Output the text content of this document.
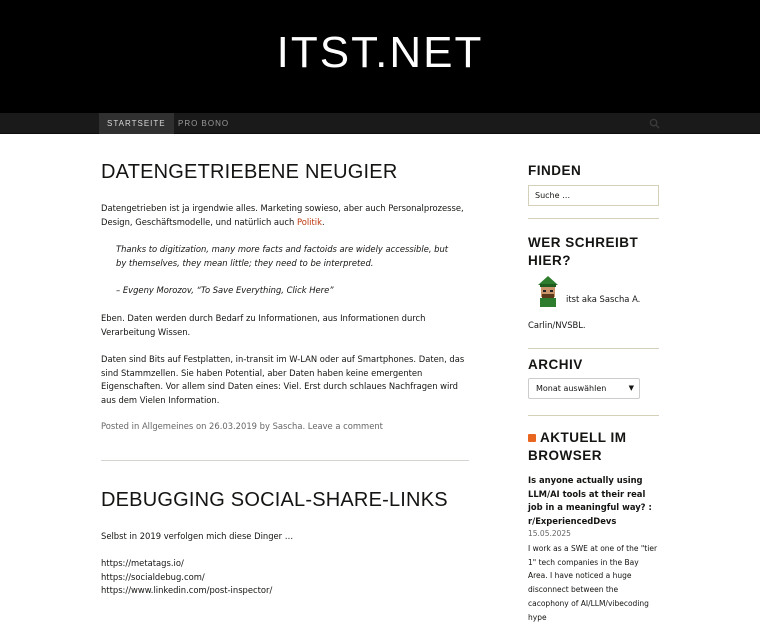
ITST.NET
STARTSEITE	PRO BONO
DATENGETRIEBENE NEUGIER

Datengetrieben ist ja irgendwie alles. Marketing sowieso, aber auch Personalprozesse, Design, Geschäftsmodelle, und natürlich auch Politik.

Thanks to digitization, many more facts and factoids are widely accessible, but by themselves, they mean little; they need to be interpreted.

– Evgeny Morozov, “To Save Everything, Click Here”

Eben. Daten werden durch Bedarf zu Informationen, aus Informationen durch Verarbeitung Wissen.

Daten sind Bits auf Festplatten, in-transit im W-LAN oder auf Smartphones. Daten, das sind Stammzellen. Sie haben Potential, aber Daten haben keine emergenten Eigenschaften. Vor allem sind Daten eines: Viel. Erst durch schlaues Nachfragen wird aus dem Vielen Information.

Posted in Allgemeines on 26.03.2019 by Sascha. Leave a comment
DEBUGGING SOCIAL-SHARE-LINKS

Selbst in 2019 verfolgen mich diese Dinger …

https://metatags.io/

https://socialdebug.com/

https://www.linkedin.com/post-inspector/

FINDEN
Suche …
WER SCHREIBT HIER?
itst aka Sascha A. Carlin/NVSBL.
ARCHIV
Monat auswählen	▼
AKTUELL IM BROWSER
Is anyone actually using LLM/AI tools at their real job in a meaningful way? : r/ExperiencedDevs
15.05.2025
I work as a SWE at one of the "tier 1" tech companies in the Bay Area. I have noticed a huge disconnect between the cacophony of AI/LLM/vibecoding hype
